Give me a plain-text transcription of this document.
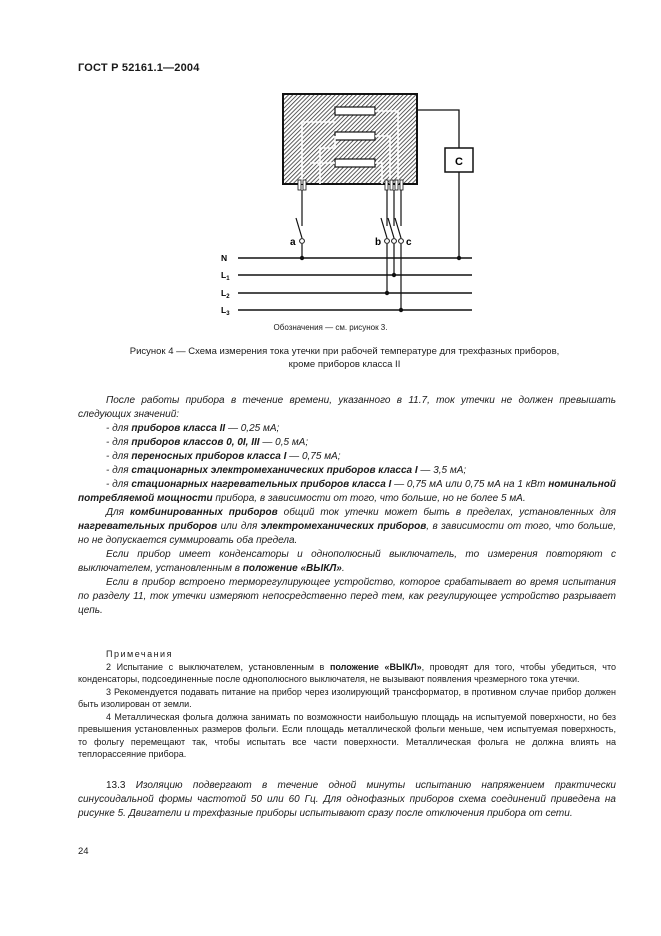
ГОСТ Р 52161.1—2004
a	b c
N
$L_1$
$L_2$
$L_3$
C
Обозначения — см. рисунок 3.
Рисунок 4 — Схема измерения тока утечки при рабочей температуре для трехфазных приборов,
кроме приборов класса II

После работы прибора в течение времени, указанного в 11.7, ток утечки не должен превышать следующих значений:

- для приборов класса II — 0,25 мА;
- для приборов классов 0, 0I, III — 0,5 мА;
- для переносных приборов класса I — 0,75 мА;
- для стационарных электромеханических приборов класса I — 3,5 мА;
- для стационарных нагревательных приборов класса I — 0,75 мА или 0,75 мА на 1 кВт номинальной потребляемой мощности прибора, в зависимости от того, что больше, но не более 5 мА.

Для комбинированных приборов общий ток утечки может быть в пределах, установленных для нагревательных приборов или для электромеханических приборов, в зависимости от того, что больше, но не допускается суммировать оба предела.

Если прибор имеет конденсаторы и однополюсный выключатель, то измерения повторяют с выключателем, установленным в положение «ВЫКЛ».

Если в прибор встроено терморегулирующее устройство, которое срабатывает во время испытания по разделу 11, ток утечки измеряют непосредственно перед тем, как регулирующее устройство разрывает цепь.

Примечания

2 Испытание с выключателем, установленным в положение «ВЫКЛ», проводят для того, чтобы убедиться, что конденсаторы, подсоединенные после однополюсного выключателя, не вызывают появления чрезмерного тока утечки.

3 Рекомендуется подавать питание на прибор через изолирующий трансформатор, в противном случае прибор должен быть изолирован от земли.

4 Металлическая фольга должна занимать по возможности наибольшую площадь на испытуемой поверхности, но без превышения установленных размеров фольги. Если площадь металлической фольги меньше, чем испытуемая поверхность, то фольгу перемещают так, чтобы испытать все части поверхности. Металлическая фольга не должна влиять на теплорассеяние прибора.

13.3 Изоляцию подвергают в течение одной минуты испытанию напряжением практически синусоидальной формы частотой 50 или 60 Гц. Для однофазных приборов схема соединений приведена на рисунке 5. Двигатели и трехфазные приборы испытывают сразу после отключения прибора от сети.

24
